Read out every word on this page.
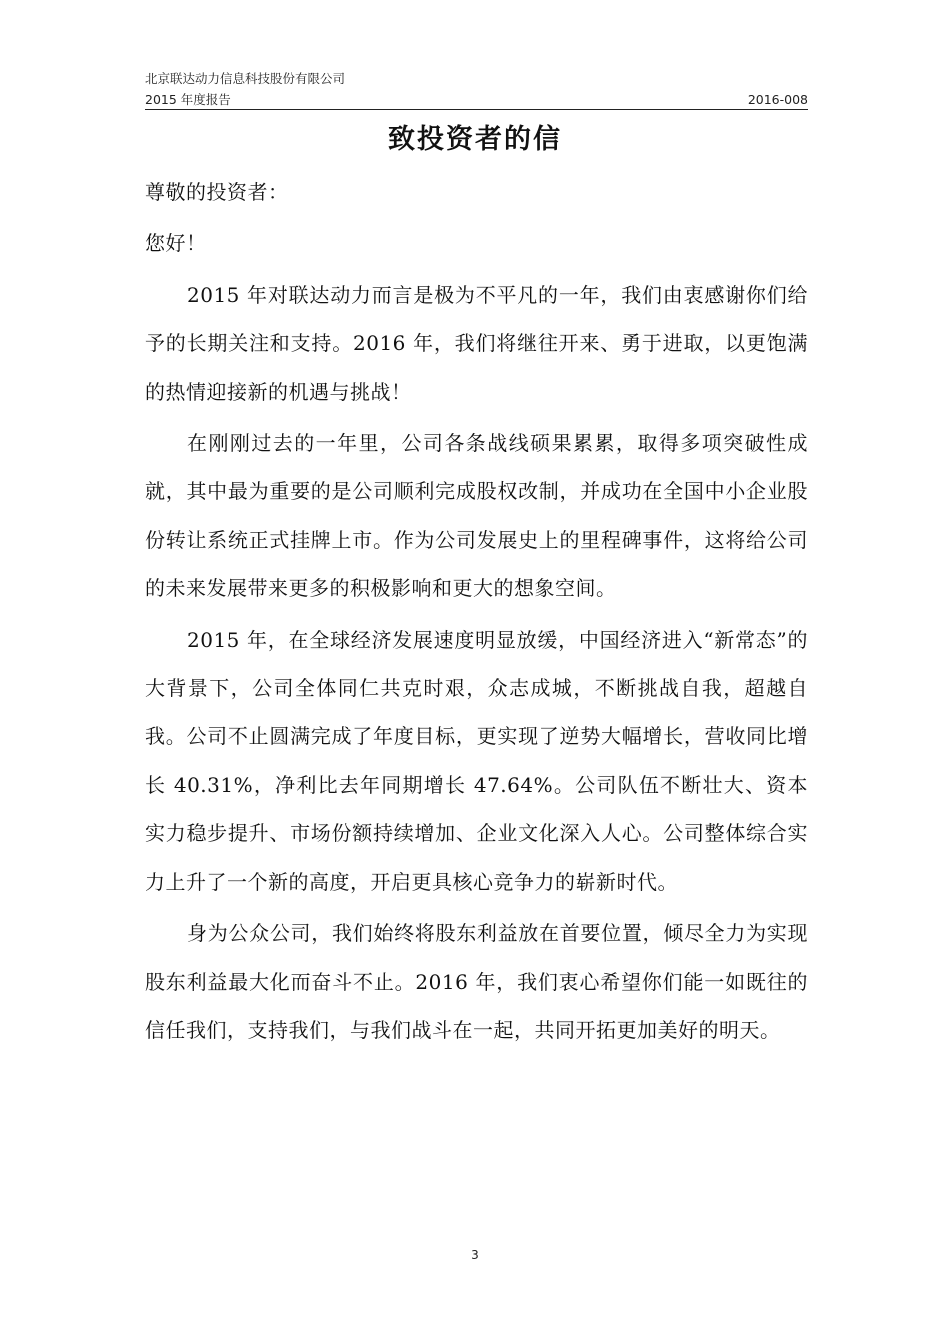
北京联达动力信息科技股份有限公司
2015 年度报告	2016-008
致投资者的信

尊敬的投资者：

您好！

2015 年对联达动力而言是极为不平凡的一年，我们由衷感谢你们给予的长期关注和支持。2016 年，我们将继往开来、勇于进取，以更饱满的热情迎接新的机遇与挑战！

在刚刚过去的一年里，公司各条战线硕果累累，取得多项突破性成就，其中最为重要的是公司顺利完成股权改制，并成功在全国中小企业股份转让系统正式挂牌上市。作为公司发展史上的里程碑事件，这将给公司的未来发展带来更多的积极影响和更大的想象空间。

2015 年，在全球经济发展速度明显放缓，中国经济进入“新常态”的大背景下，公司全体同仁共克时艰，众志成城，不断挑战自我，超越自我。公司不止圆满完成了年度目标，更实现了逆势大幅增长，营收同比增长 40.31%，净利比去年同期增长 47.64%。公司队伍不断壮大、资本实力稳步提升、市场份额持续增加、企业文化深入人心。公司整体综合实力上升了一个新的高度，开启更具核心竞争力的崭新时代。

身为公众公司，我们始终将股东利益放在首要位置，倾尽全力为实现股东利益最大化而奋斗不止。2016 年，我们衷心希望你们能一如既往的信任我们，支持我们，与我们战斗在一起，共同开拓更加美好的明天。

3
